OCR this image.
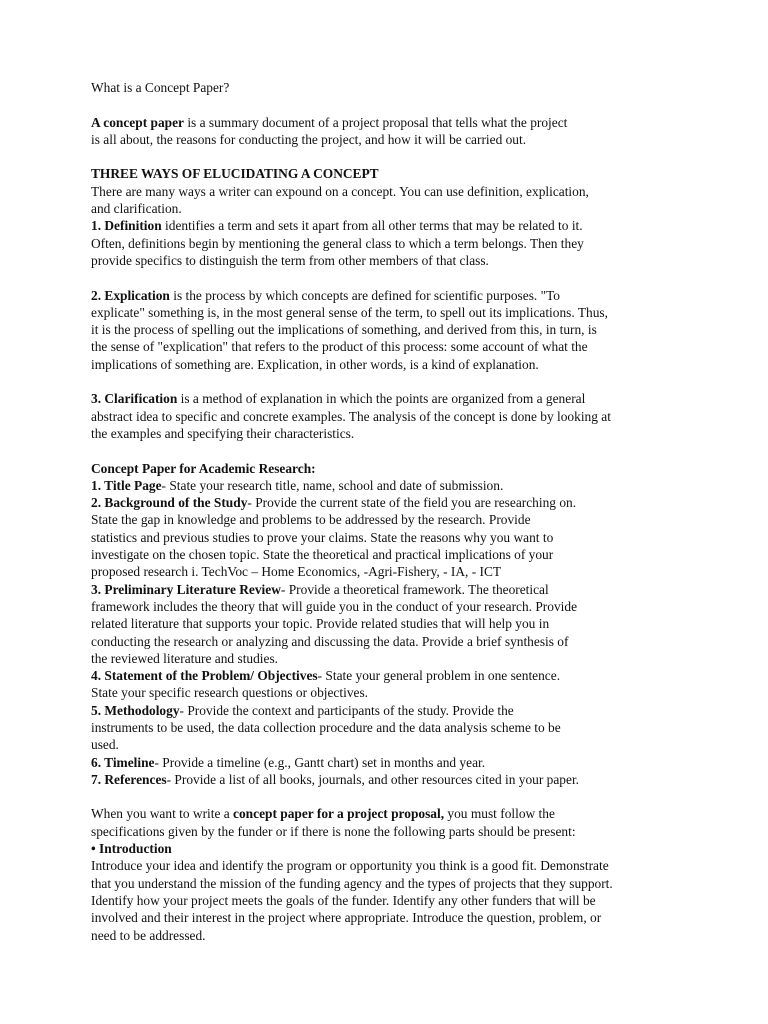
What is a Concept Paper?
A concept paper is a summary document of a project proposal that tells what the project
is all about, the reasons for conducting the project, and how it will be carried out.
THREE WAYS OF ELUCIDATING A CONCEPT
There are many ways a writer can expound on a concept. You can use definition, explication,
and clarification.
1. Definition identifies a term and sets it apart from all other terms that may be related to it.
Often, definitions begin by mentioning the general class to which a term belongs. Then they
provide specifics to distinguish the term from other members of that class.
2. Explication is the process by which concepts are defined for scientific purposes. "To
explicate" something is, in the most general sense of the term, to spell out its implications. Thus,
it is the process of spelling out the implications of something, and derived from this, in turn, is
the sense of "explication" that refers to the product of this process: some account of what the
implications of something are. Explication, in other words, is a kind of explanation.
3. Clarification is a method of explanation in which the points are organized from a general
abstract idea to specific and concrete examples. The analysis of the concept is done by looking at
the examples and specifying their characteristics.
Concept Paper for Academic Research:
1. Title Page- State your research title, name, school and date of submission.
2. Background of the Study- Provide the current state of the field you are researching on.
State the gap in knowledge and problems to be addressed by the research. Provide
statistics and previous studies to prove your claims. State the reasons why you want to
investigate on the chosen topic. State the theoretical and practical implications of your
proposed research i. TechVoc – Home Economics, -Agri-Fishery, - IA, - ICT
3. Preliminary Literature Review- Provide a theoretical framework. The theoretical
framework includes the theory that will guide you in the conduct of your research. Provide
related literature that supports your topic. Provide related studies that will help you in
conducting the research or analyzing and discussing the data. Provide a brief synthesis of
the reviewed literature and studies.
4. Statement of the Problem/ Objectives- State your general problem in one sentence.
State your specific research questions or objectives.
5. Methodology- Provide the context and participants of the study. Provide the
instruments to be used, the data collection procedure and the data analysis scheme to be
used.
6. Timeline- Provide a timeline (e.g., Gantt chart) set in months and year.
7. References- Provide a list of all books, journals, and other resources cited in your paper.
When you want to write a concept paper for a project proposal, you must follow the
specifications given by the funder or if there is none the following parts should be present:
• Introduction
Introduce your idea and identify the program or opportunity you think is a good fit. Demonstrate
that you understand the mission of the funding agency and the types of projects that they support.
Identify how your project meets the goals of the funder. Identify any other funders that will be
involved and their interest in the project where appropriate. Introduce the question, problem, or
need to be addressed.
